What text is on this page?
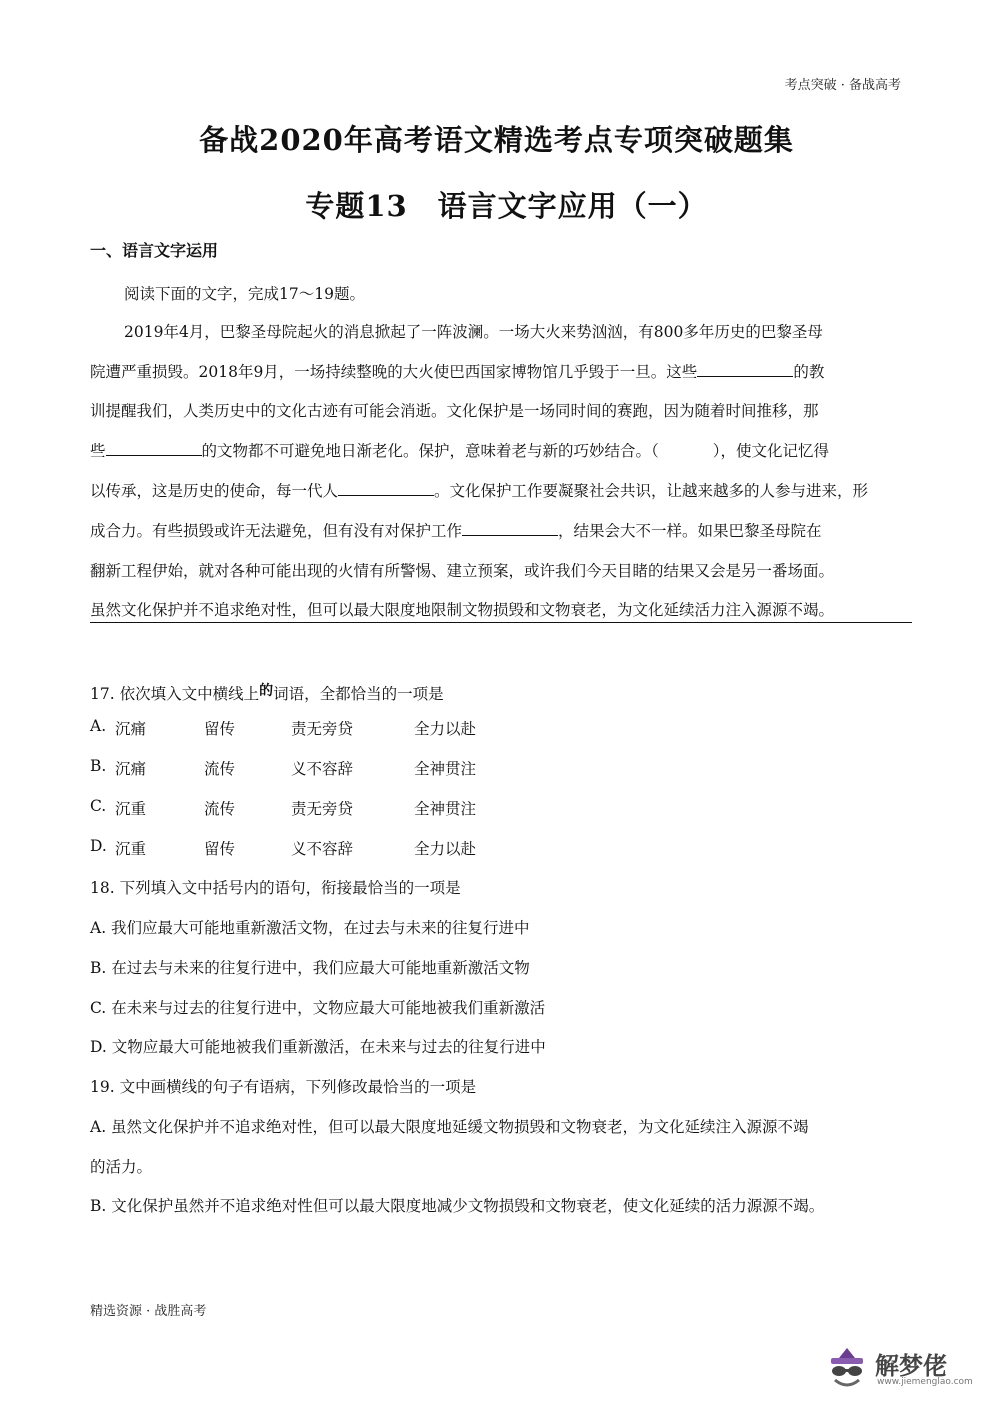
考点突破 · 备战高考
备战2020年高考语文精选考点专项突破题集
专题13　语言文字应用（一）
一、语言文字运用
阅读下面的文字，完成17～19题。
2019年4月，巴黎圣母院起火的消息掀起了一阵波澜。一场大火来势汹汹，有800多年历史的巴黎圣母
院遭严重损毁。2018年9月，一场持续整晚的大火使巴西国家博物馆几乎毁于一旦。这些	的教
训提醒我们，人类历史中的文化古迹有可能会消逝。文化保护是一场同时间的赛跑，因为随着时间推移，那
些	的文物都不可避免地日渐老化。保护，意味着老与新的巧妙结合。（	），使文化记忆得
以传承，这是历史的使命，每一代人	。文化保护工作要凝聚社会共识，让越来越多的人参与进来，形
成合力。有些损毁或许无法避免，但有没有对保护工作	，结果会大不一样。如果巴黎圣母院在
翻新工程伊始，就对各种可能出现的火情有所警惕、建立预案，或许我们今天目睹的结果又会是另一番场面。
虽然文化保护并不追求绝对性，但可以最大限度地限制文物损毁和文物衰老，为文化延续活力注入源源不竭。
17. 依次填入文中横线上的词语，全都恰当的一项是
A. 沉痛	留传	责无旁贷	全力以赴
B. 沉痛	流传	义不容辞	全神贯注
C. 沉重	流传	责无旁贷	全神贯注
D. 沉重	留传	义不容辞	全力以赴
18. 下列填入文中括号内的语句，衔接最恰当的一项是
A. 我们应最大可能地重新激活文物，在过去与未来的往复行进中
B. 在过去与未来的往复行进中，我们应最大可能地重新激活文物
C. 在未来与过去的往复行进中，文物应最大可能地被我们重新激活
D. 文物应最大可能地被我们重新激活，在未来与过去的往复行进中
19. 文中画横线的句子有语病，下列修改最恰当的一项是
A. 虽然文化保护并不追求绝对性，但可以最大限度地延缓文物损毁和文物衰老，为文化延续注入源源不竭
的活力。
B. 文化保护虽然并不追求绝对性但可以最大限度地减少文物损毁和文物衰老，使文化延续的活力源源不竭。
精选资源 · 战胜高考
解梦佬
www.jiemenglao.com
